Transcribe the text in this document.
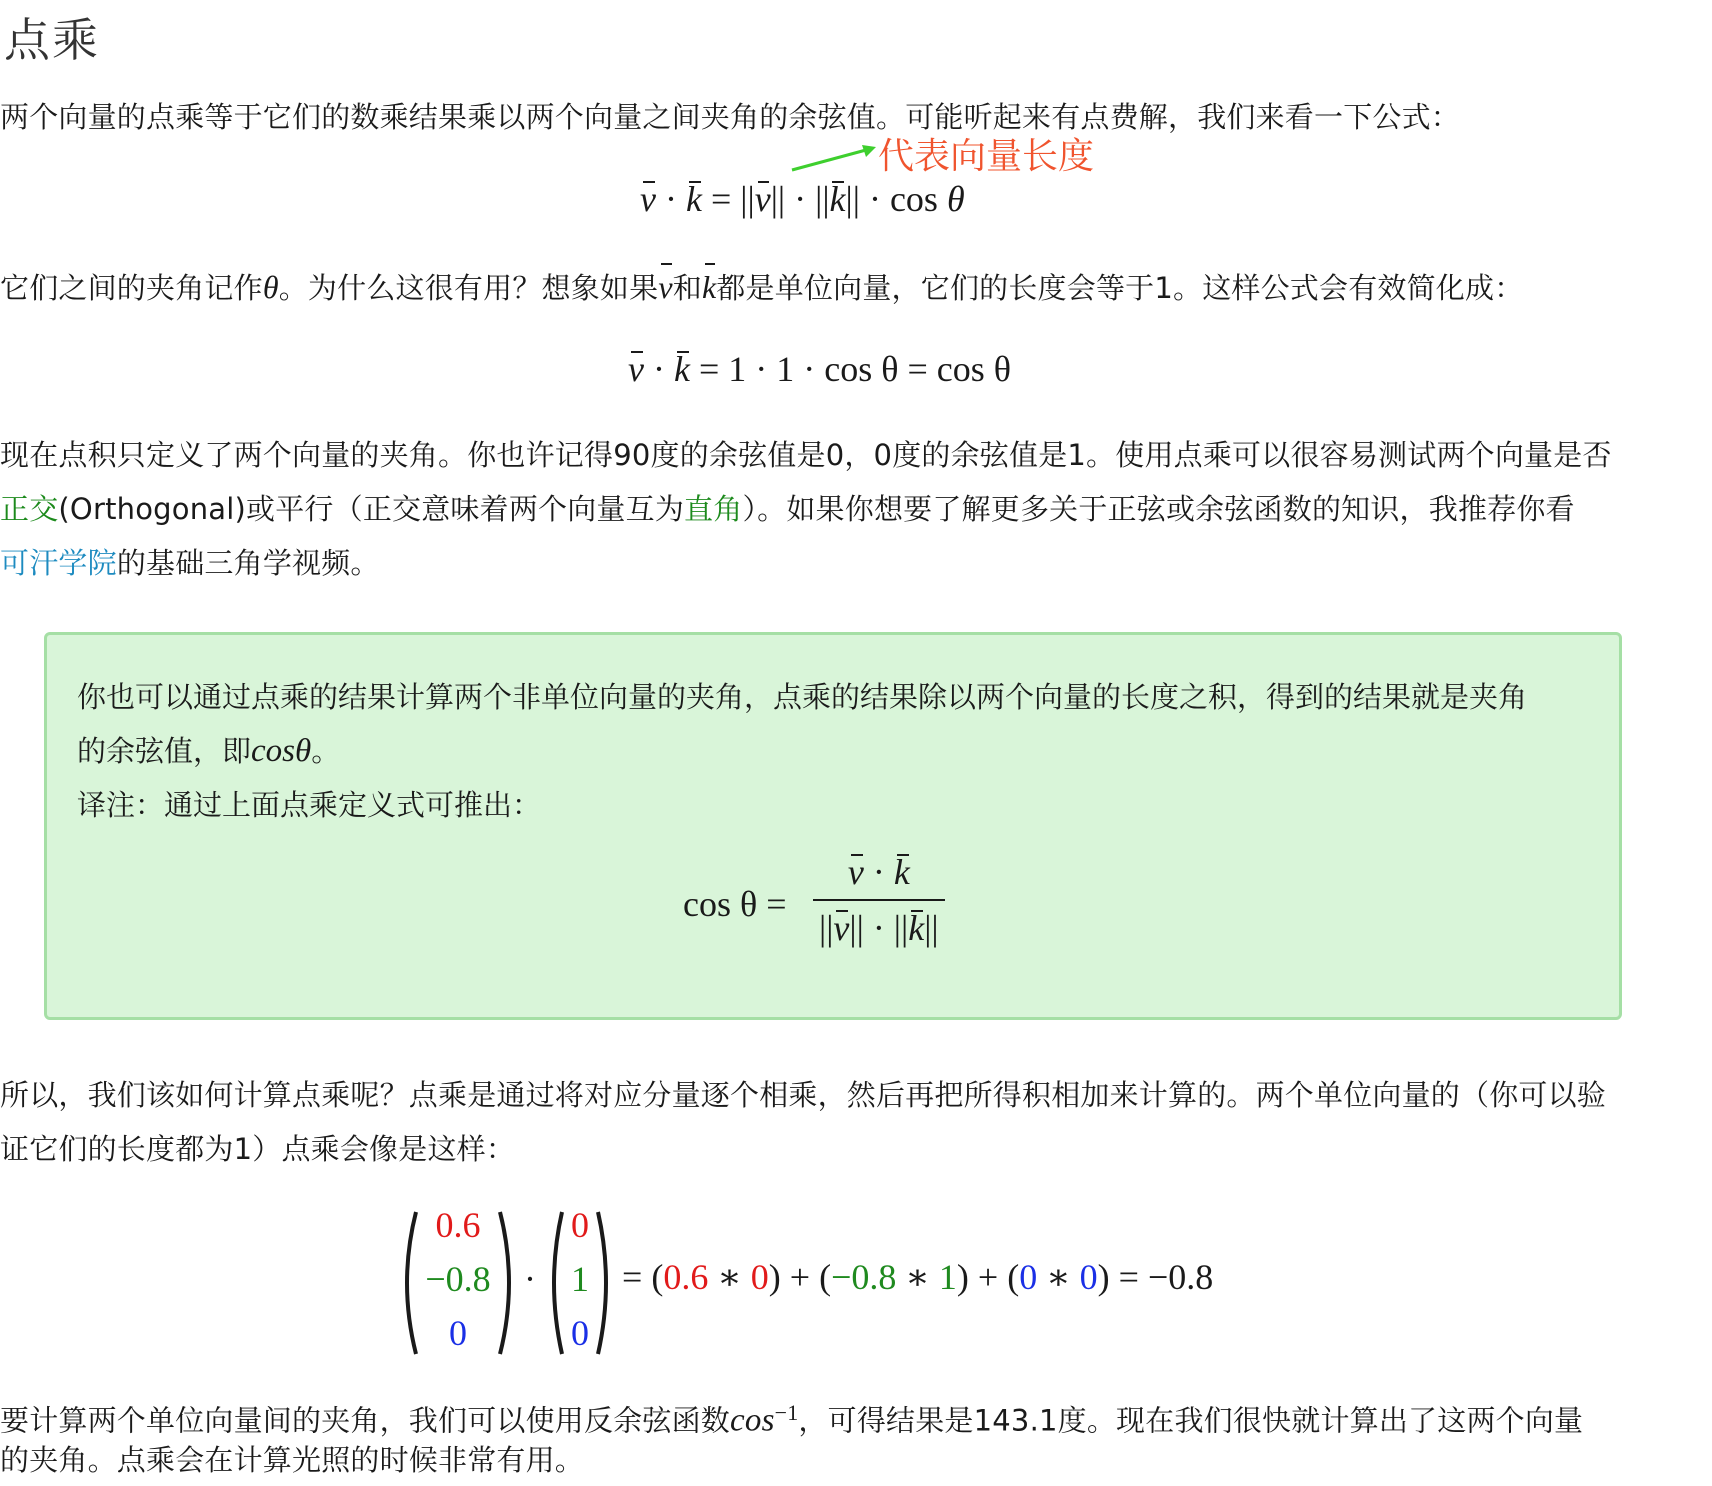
点乘
两个向量的点乘等于它们的数乘结果乘以两个向量之间夹角的余弦值。可能听起来有点费解，我们来看一下公式：
代表向量长度
v · k = ||v|| · ||k|| · cos θ
它们之间的夹角记作θ。为什么这很有用？想象如果v和k都是单位向量，它们的长度会等于1。这样公式会有效简化成：
v · k = 1 · 1 · cos θ = cos θ
现在点积只定义了两个向量的夹角。你也许记得90度的余弦值是0，0度的余弦值是1。使用点乘可以很容易测试两个向量是否
正交(Orthogonal)或平行（正交意味着两个向量互为直角）。如果你想要了解更多关于正弦或余弦函数的知识，我推荐你看
可汗学院的基础三角学视频。
你也可以通过点乘的结果计算两个非单位向量的夹角，点乘的结果除以两个向量的长度之积，得到的结果就是夹角
的余弦值，即cosθ。
译注：通过上面点乘定义式可推出：
$\cos \theta = \frac{v \cdot k}{||v|| \cdot ||k||}$
所以，我们该如何计算点乘呢？点乘是通过将对应分量逐个相乘，然后再把所得积相加来计算的。两个单位向量的（你可以验
证它们的长度都为1）点乘会像是这样：
0.6
−0.8
0
·
0
1
0
= (0.6 ∗ 0) + (−0.8 ∗ 1) + (0 ∗ 0) = −0.8
要计算两个单位向量间的夹角，我们可以使用反余弦函数$\cos^{-1}$，可得结果是143.1度。现在我们很快就计算出了这两个向量
的夹角。点乘会在计算光照的时候非常有用。
